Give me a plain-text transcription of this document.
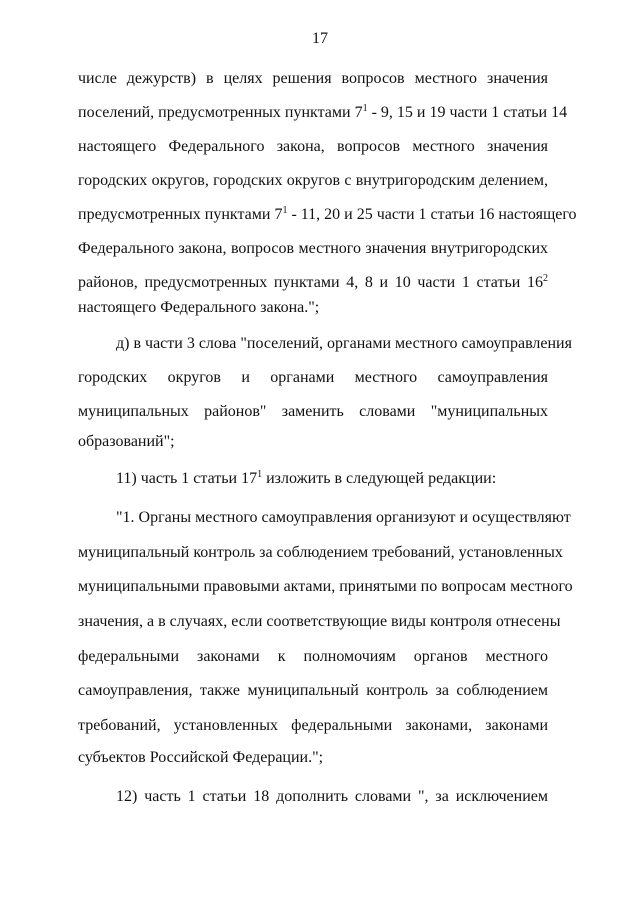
17
числе дежурств) в целях решения вопросов местного значения
поселений, предусмотренных пунктами $7^1 - 9$, 15 и 19 части 1 статьи 14
настоящего Федерального закона, вопросов местного значения
городских округов, городских округов с внутригородским делением,
предусмотренных пунктами $7^1 - 11$, 20 и 25 части 1 статьи 16 настоящего
Федерального закона, вопросов местного значения внутригородских
районов, предусмотренных пунктами 4, 8 и 10 части 1 статьи $16^2$
настоящего Федерального закона.";
д) в части 3 слова "поселений, органами местного самоуправления
городских округов и органами местного самоуправления
муниципальных районов" заменить словами "муниципальных
образований";
11) часть 1 статьи $17^1$ изложить в следующей редакции:
"1. Органы местного самоуправления организуют и осуществляют
муниципальный контроль за соблюдением требований, установленных
муниципальными правовыми актами, принятыми по вопросам местного
значения, а в случаях, если соответствующие виды контроля отнесены
федеральными законами к полномочиям органов местного
самоуправления, также муниципальный контроль за соблюдением
требований, установленных федеральными законами, законами
субъектов Российской Федерации.";
12) часть 1 статьи 18 дополнить словами ", за исключением
